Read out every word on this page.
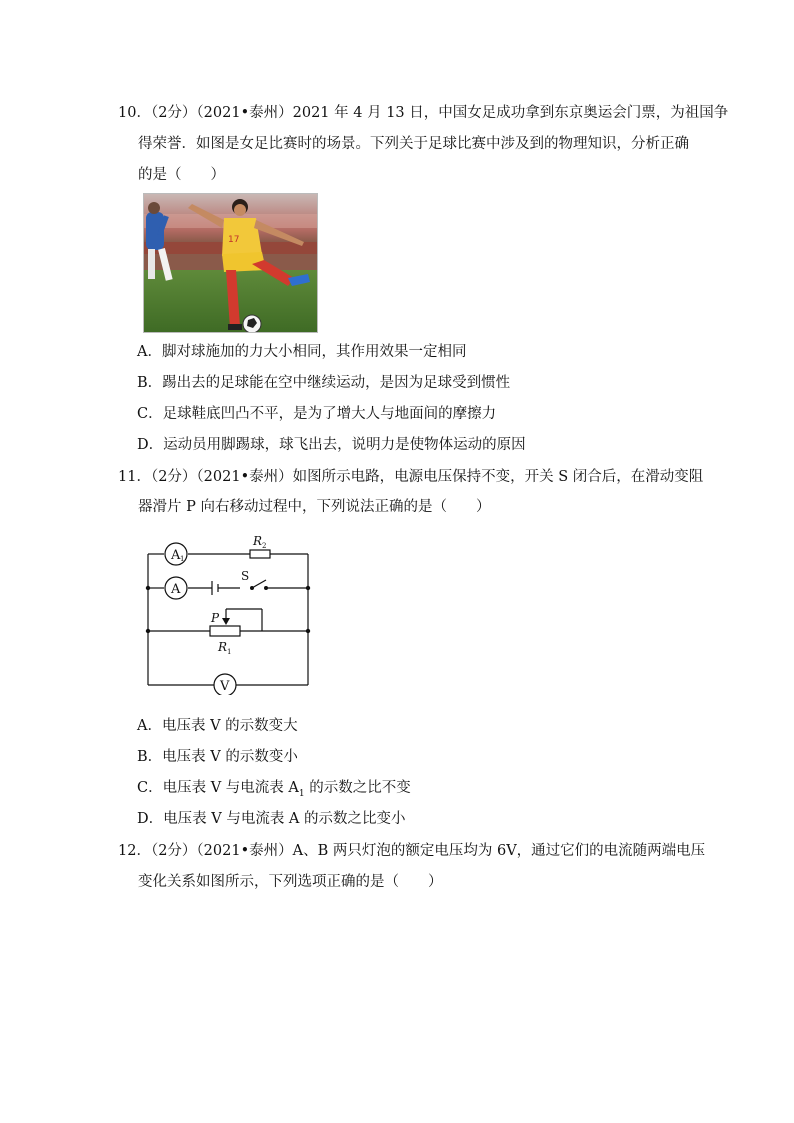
10．（2分）（2021•泰州）2021 年 4 月 13 日，中国女足成功拿到东京奥运会门票，为祖国争
得荣誉．如图是女足比赛时的场景。下列关于足球比赛中涉及到的物理知识，分析正确
的是（　　）
17
A．脚对球施加的力大小相同，其作用效果一定相同
B．踢出去的足球能在空中继续运动，是因为足球受到惯性
C．足球鞋底凹凸不平，是为了增大人与地面间的摩擦力
D．运动员用脚踢球，球飞出去，说明力是使物体运动的原因
11．（2分）（2021•泰州）如图所示电路，电源电压保持不变，开关 S 闭合后，在滑动变阻
器滑片 P 向右移动过程中，下列说法正确的是（　　）
A 1
A
V
S
R 2
R 1
P
A．电压表 V 的示数变大
B．电压表 V 的示数变小
C．电压表 V 与电流表 $A_1$ 的示数之比不变
D．电压表 V 与电流表 A 的示数之比变小
12．（2分）（2021•泰州）A、B 两只灯泡的额定电压均为 6V，通过它们的电流随两端电压
变化关系如图所示，下列选项正确的是（　　）
